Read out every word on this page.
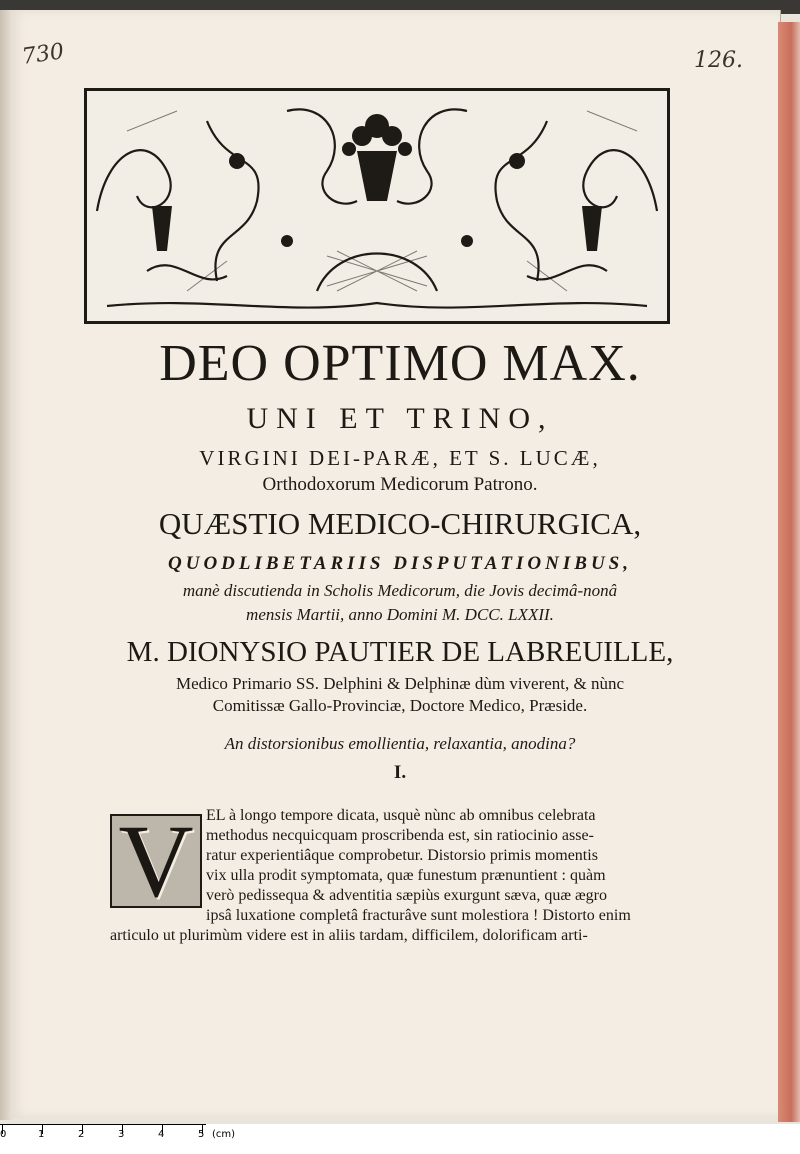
730	126.
DEO OPTIMO MAX.
UNI ET TRINO,
VIRGINI DEI-PARÆ, ET S. LUCÆ,
Orthodoxorum Medicorum Patrono.
QUÆSTIO MEDICO-CHIRURGICA,
QUODLIBETARIIS DISPUTATIONIBUS,
manè discutienda in Scholis Medicorum, die Jovis decimâ-nonâ
mensis Martii, anno Domini M. DCC. LXXII.
M. DIONYSIO PAUTIER DE LABREUILLE,
Medico Primario SS. Delphini & Delphinæ dùm viverent, & nùnc
Comitissæ Gallo-Provinciæ, Doctore Medico, Præside.
An distorsionibus emollientia, relaxantia, anodina?
I.
V EL à longo tempore dicata, usquè nùnc ab omnibus celebrata
methodus necquicquam proscribenda est, sin ratiocinio asse-
ratur experientiâque comprobetur. Distorsio primis momentis
vix ulla prodit symptomata, quæ funestum prænuntient : quàm
verò pedissequa & adventitia sæpiùs exurgunt sæva, quæ ægro
ipsâ luxatione completâ fracturâve sunt molestiora ! Distorto enim
articulo ut plurimùm videre est in aliis tardam, difficilem, dolorificam arti-
0	1	2	3	4	5 (cm)
